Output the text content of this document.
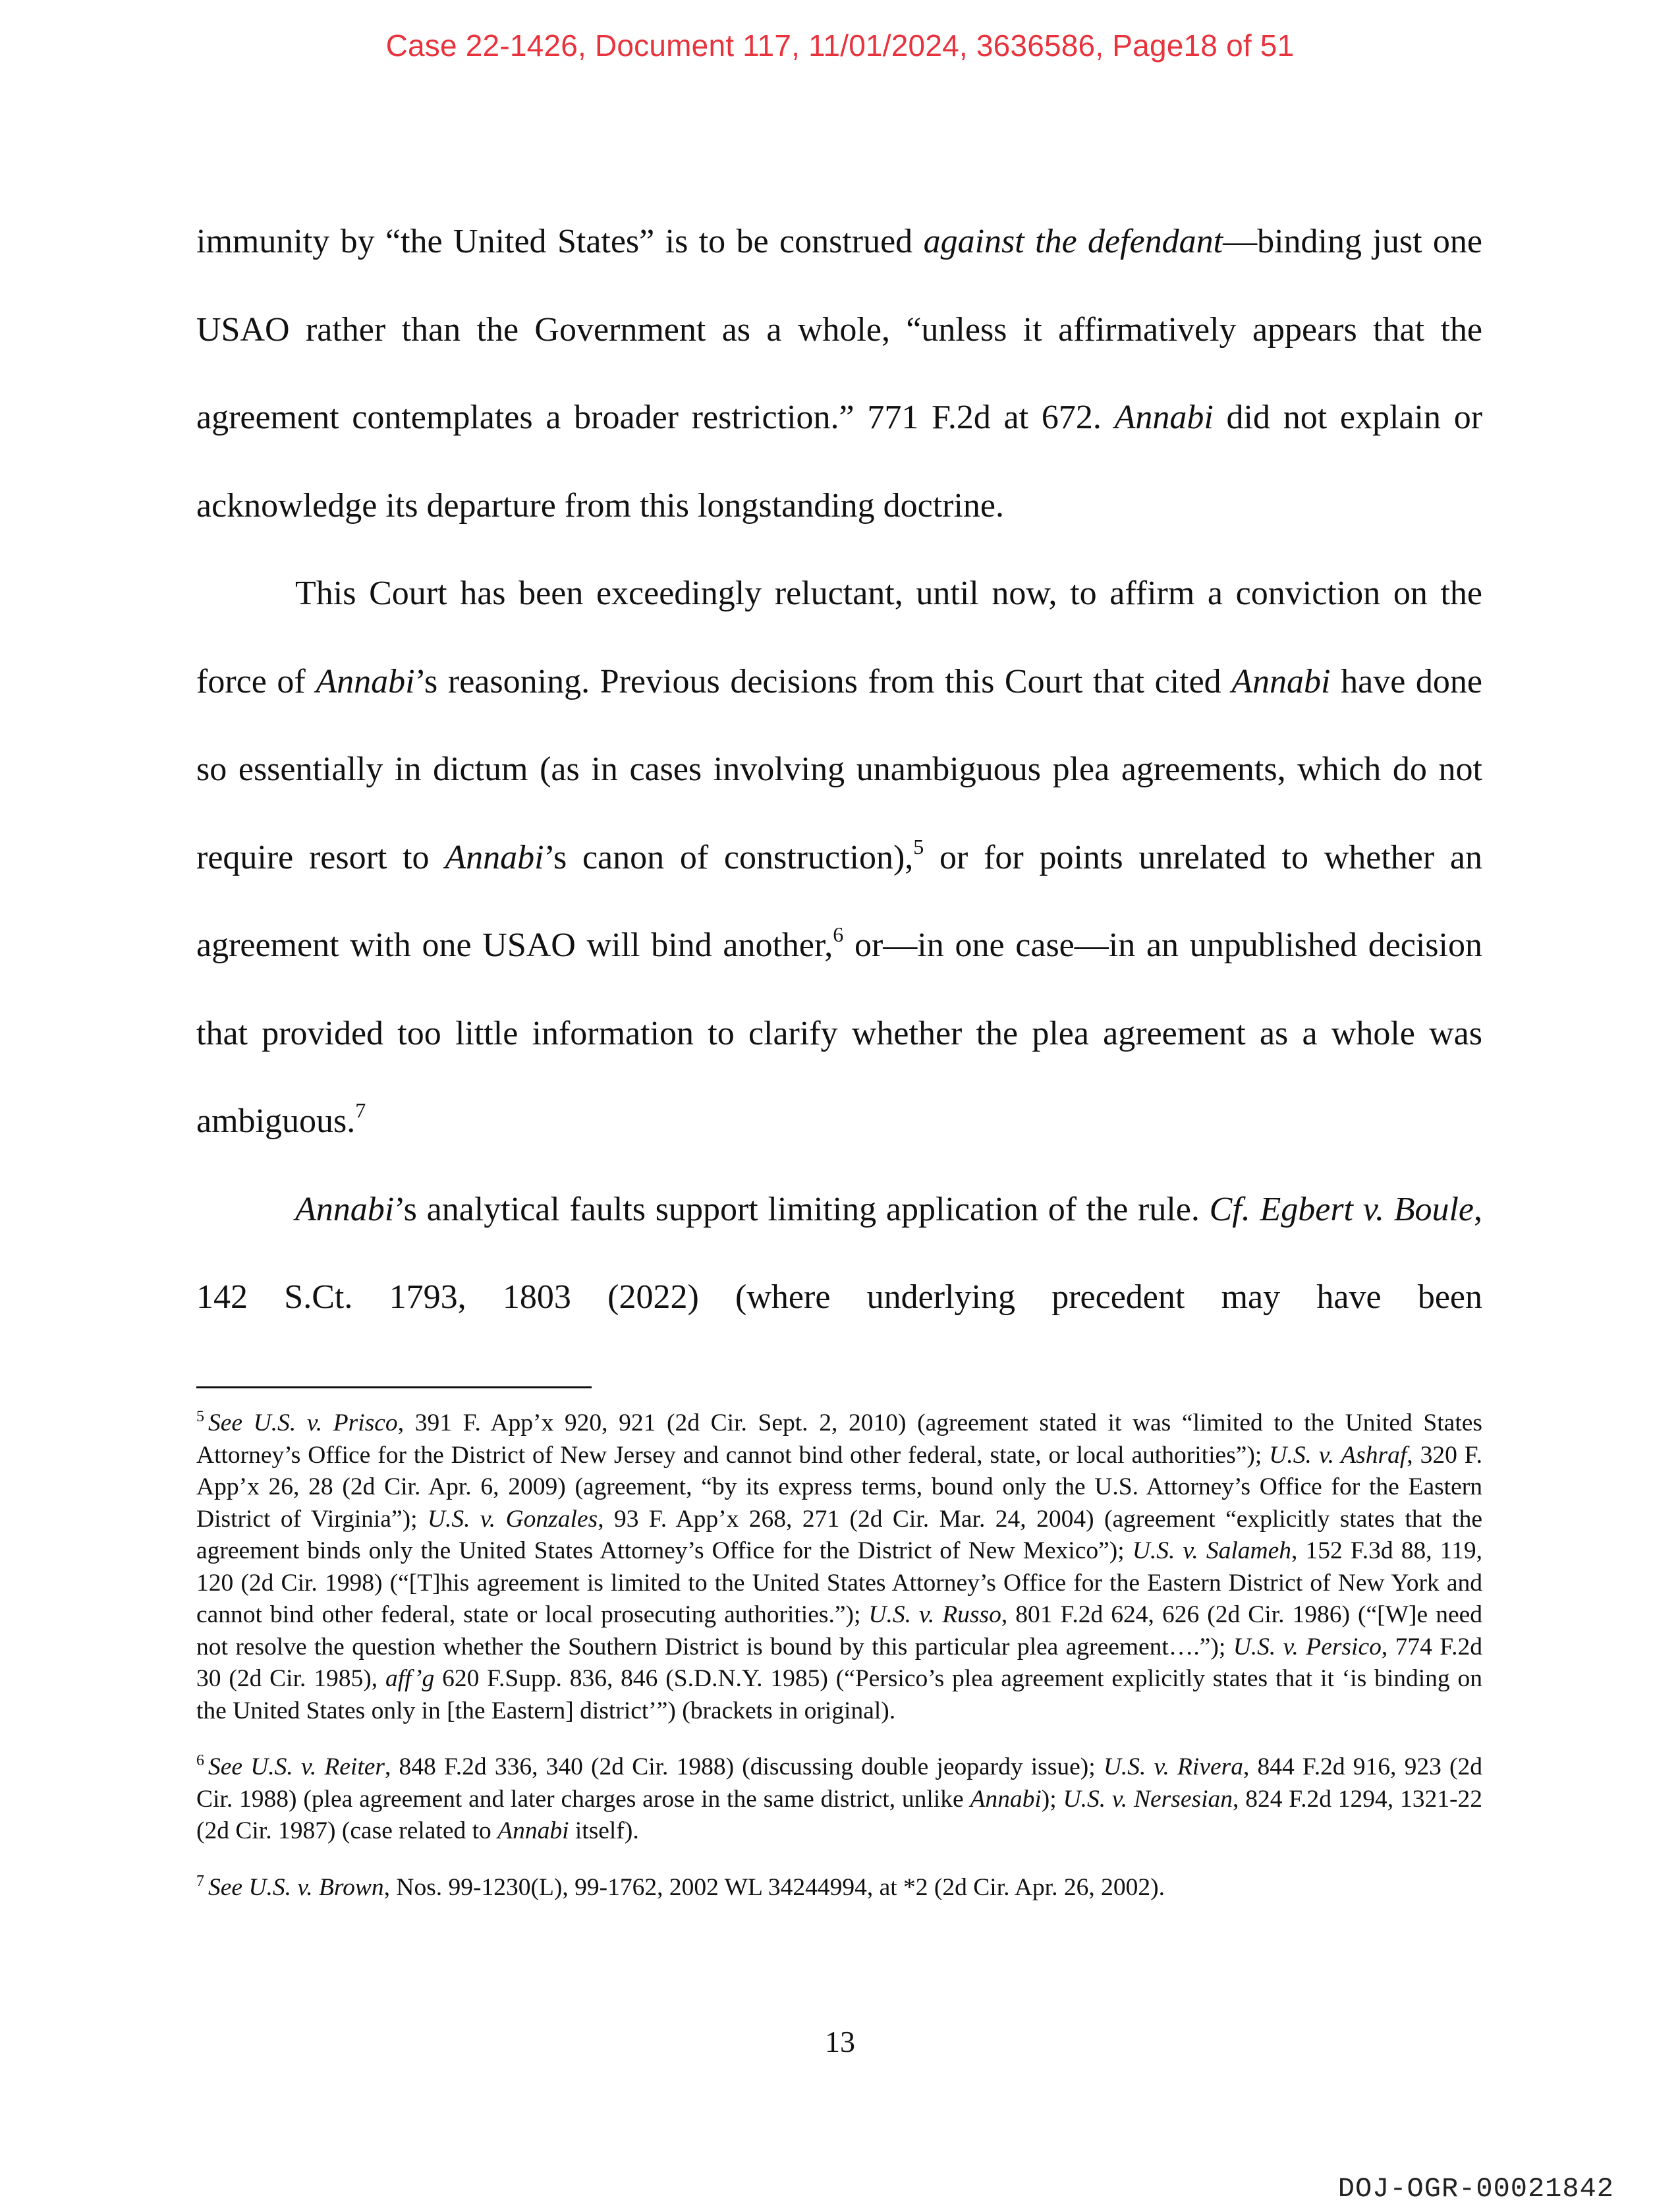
Case 22-1426, Document 117, 11/01/2024, 3636586, Page18 of 51

immunity by “the United States” is to be construed against the defendant—binding just one USAO rather than the Government as a whole, “unless it affirmatively appears that the agreement contemplates a broader restriction.” 771 F.2d at 672. Annabi did not explain or acknowledge its departure from this longstanding doctrine.

This Court has been exceedingly reluctant, until now, to affirm a conviction on the force of Annabi’s reasoning. Previous decisions from this Court that cited Annabi have done so essentially in dictum (as in cases involving unambiguous plea agreements, which do not require resort to Annabi’s canon of construction),$^5$ or for points unrelated to whether an agreement with one USAO will bind another,$^6$ or—in one case—in an unpublished decision that provided too little information to clarify whether the plea agreement as a whole was ambiguous.$^7$

Annabi’s analytical faults support limiting application of the rule. Cf. Egbert v. Boule, 142 S.Ct. 1793, 1803 (2022) (where underlying precedent may have been

$^5$ See U.S. v. Prisco, 391 F. App’x 920, 921 (2d Cir. Sept. 2, 2010) (agreement stated it was “limited to the United States Attorney’s Office for the District of New Jersey and cannot bind other federal, state, or local authorities”); U.S. v. Ashraf, 320 F. App’x 26, 28 (2d Cir. Apr. 6, 2009) (agreement, “by its express terms, bound only the U.S. Attorney’s Office for the Eastern District of Virginia”); U.S. v. Gonzales, 93 F. App’x 268, 271 (2d Cir. Mar. 24, 2004) (agreement “explicitly states that the agreement binds only the United States Attorney’s Office for the District of New Mexico”); U.S. v. Salameh, 152 F.3d 88, 119, 120 (2d Cir. 1998) (“[T]his agreement is limited to the United States Attorney’s Office for the Eastern District of New York and cannot bind other federal, state or local prosecuting authorities.”); U.S. v. Russo, 801 F.2d 624, 626 (2d Cir. 1986) (“[W]e need not resolve the question whether the Southern District is bound by this particular plea agreement….”); U.S. v. Persico, 774 F.2d 30 (2d Cir. 1985), aff’g 620 F.Supp. 836, 846 (S.D.N.Y. 1985) (“Persico’s plea agreement explicitly states that it ‘is binding on the United States only in [the Eastern] district’”) (brackets in original).

$^6$ See U.S. v. Reiter, 848 F.2d 336, 340 (2d Cir. 1988) (discussing double jeopardy issue); U.S. v. Rivera, 844 F.2d 916, 923 (2d Cir. 1988) (plea agreement and later charges arose in the same district, unlike Annabi); U.S. v. Nersesian, 824 F.2d 1294, 1321-22 (2d Cir. 1987) (case related to Annabi itself).

$^7$ See U.S. v. Brown, Nos. 99-1230(L), 99-1762, 2002 WL 34244994, at *2 (2d Cir. Apr. 26, 2002).

13
DOJ-OGR-00021842
